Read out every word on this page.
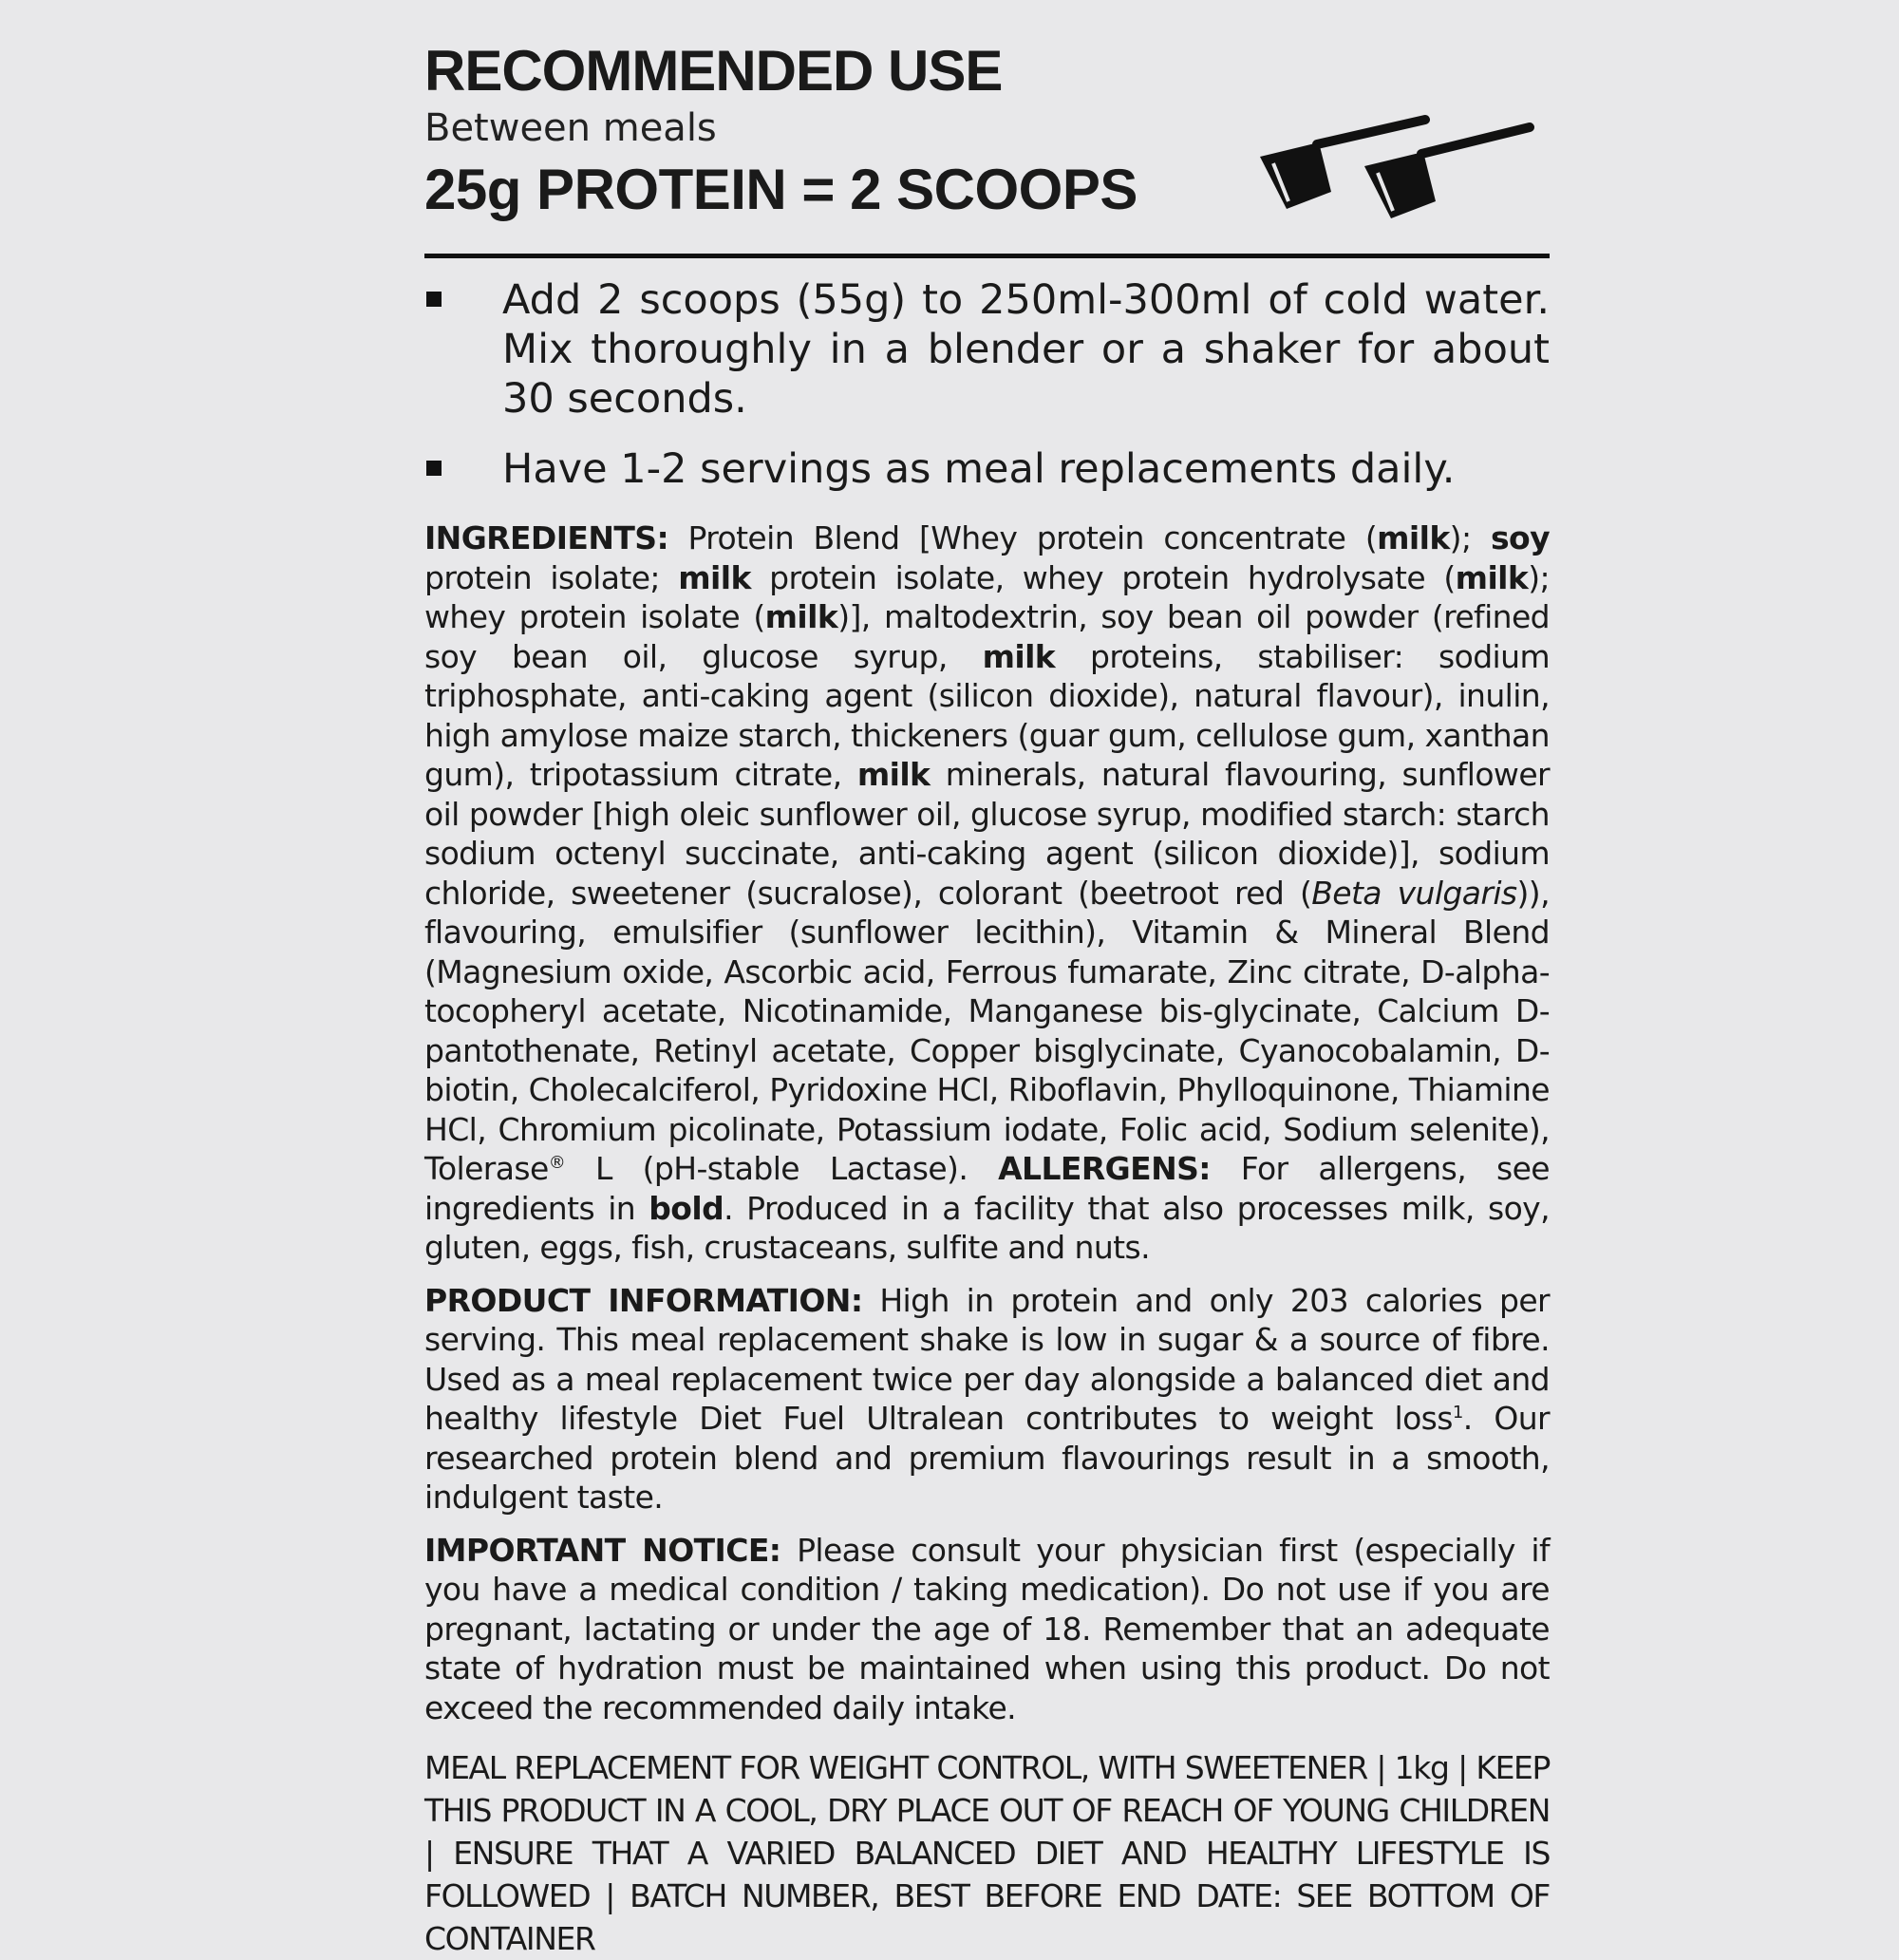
RECOMMENDED USE

Between meals

25g PROTEIN = 2 SCOOPS

Add 2 scoops (55g) to 250ml-300ml of cold water. Mix thoroughly in a blender or a shaker for about 30 seconds.
Have 1-2 servings as meal replacements daily.

INGREDIENTS: Protein Blend [Whey protein concentrate (milk); soy protein isolate; milk protein isolate, whey protein hydrolysate (milk); whey protein isolate (milk)], maltodextrin, soy bean oil powder (refined soy bean oil, glucose syrup, milk proteins, stabiliser: sodium triphosphate, anti-caking agent (silicon dioxide), natural flavour), inulin, high amylose maize starch, thickeners (guar gum, cellulose gum, xanthan gum), tripotassium citrate, milk minerals, natural flavouring, sunflower oil powder [high oleic sunflower oil, glucose syrup, modified starch: starch sodium octenyl succinate, anti-caking agent (silicon dioxide)], sodium chloride, sweetener (sucralose), colorant (beetroot red (Beta vulgaris)), flavouring, emulsifier (sunflower lecithin), Vitamin & Mineral Blend (Magnesium oxide, Ascorbic acid, Ferrous fumarate, Zinc citrate, D-alpha-tocopheryl acetate, Nicotinamide, Manganese bis-glycinate, Calcium D-pantothenate, Retinyl acetate, Copper bisglycinate, Cyanocobalamin, D-biotin, Cholecalciferol, Pyridoxine HCl, Riboflavin, Phylloquinone, Thiamine HCl, Chromium picolinate, Potassium iodate, Folic acid, Sodium selenite), Tolerase® L (pH-stable Lactase). ALLERGENS: For allergens, see ingredients in bold. Produced in a facility that also processes milk, soy, gluten, eggs, fish, crustaceans, sulfite and nuts.

PRODUCT INFORMATION: High in protein and only 203 calories per serving. This meal replacement shake is low in sugar & a source of fibre. Used as a meal replacement twice per day alongside a balanced diet and healthy lifestyle Diet Fuel Ultralean contributes to weight loss$^1$. Our researched protein blend and premium flavourings result in a smooth, indulgent taste.

IMPORTANT NOTICE: Please consult your physician first (especially if you have a medical condition / taking medication). Do not use if you are pregnant, lactating or under the age of 18. Remember that an adequate state of hydration must be maintained when using this product. Do not exceed the recommended daily intake.

MEAL REPLACEMENT FOR WEIGHT CONTROL, WITH SWEETENER | 1kg | KEEP THIS PRODUCT IN A COOL, DRY PLACE OUT OF REACH OF YOUNG CHILDREN | ENSURE THAT A VARIED BALANCED DIET AND HEALTHY LIFESTYLE IS FOLLOWED | BATCH NUMBER, BEST BEFORE END DATE: SEE BOTTOM OF CONTAINER
